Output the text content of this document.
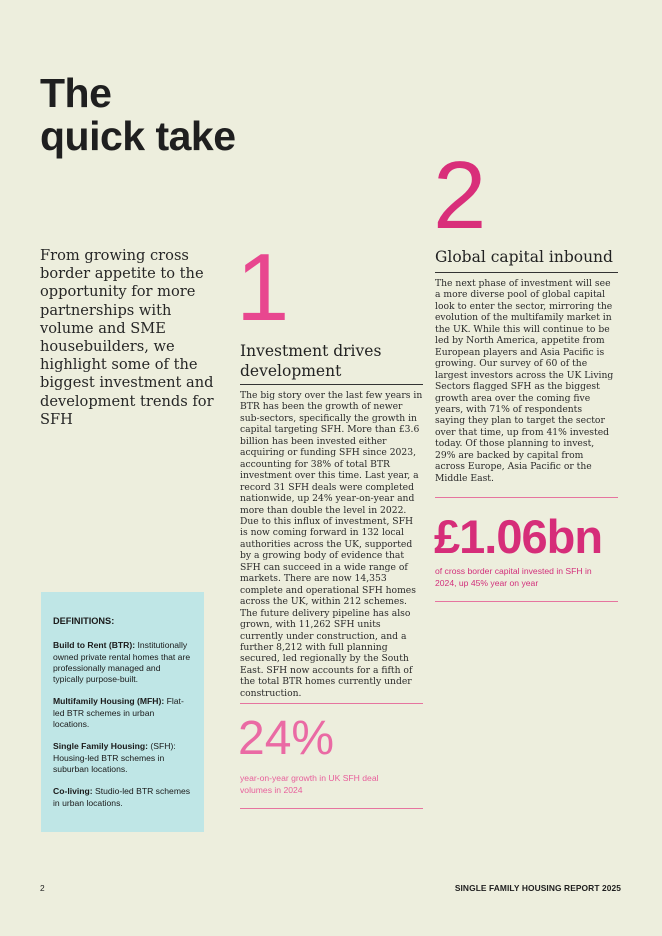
The
quick take

From growing cross border appetite to the opportunity for more partnerships with volume and SME housebuilders, we highlight some of the biggest investment and development trends for SFH

1
Investment drives development

The big story over the last few years in BTR has been the growth of newer sub-sectors, specifically the growth in capital targeting SFH. More than £3.6 billion has been invested either acquiring or funding SFH since 2023, accounting for 38% of total BTR investment over this time. Last year, a record 31 SFH deals were completed nationwide, up 24% year-on-year and more than double the level in 2022. Due to this influx of investment, SFH is now coming forward in 132 local authorities across the UK, supported by a growing body of evidence that SFH can succeed in a wide range of markets. There are now 14,353 complete and operational SFH homes across the UK, within 212 schemes. The future delivery pipeline has also grown, with 11,262 SFH units currently under construction, and a further 8,212 with full planning secured, led regionally by the South East. SFH now accounts for a fifth of the total BTR homes currently under construction.

24%

year-on-year growth in UK SFH deal volumes in 2024

2
Global capital inbound

The next phase of investment will see a more diverse pool of global capital look to enter the sector, mirroring the evolution of the multifamily market in the UK. While this will continue to be led by North America, appetite from European players and Asia Pacific is growing. Our survey of 60 of the largest investors across the UK Living Sectors flagged SFH as the biggest growth area over the coming five years, with 71% of respondents saying they plan to target the sector over that time, up from 41% invested today. Of those planning to invest, 29% are backed by capital from across Europe, Asia Pacific or the Middle East.

£1.06bn

of cross border capital invested in SFH in 2024, up 45% year on year

DEFINITIONS:

Build to Rent (BTR): Institutionally owned private rental homes that are professionally managed and typically purpose-built.

Multifamily Housing (MFH): Flat-led BTR schemes in urban locations.

Single Family Housing: (SFH): Housing-led BTR schemes in suburban locations.

Co-living: Studio-led BTR schemes in urban locations.

2	SINGLE FAMILY HOUSING REPORT 2025
